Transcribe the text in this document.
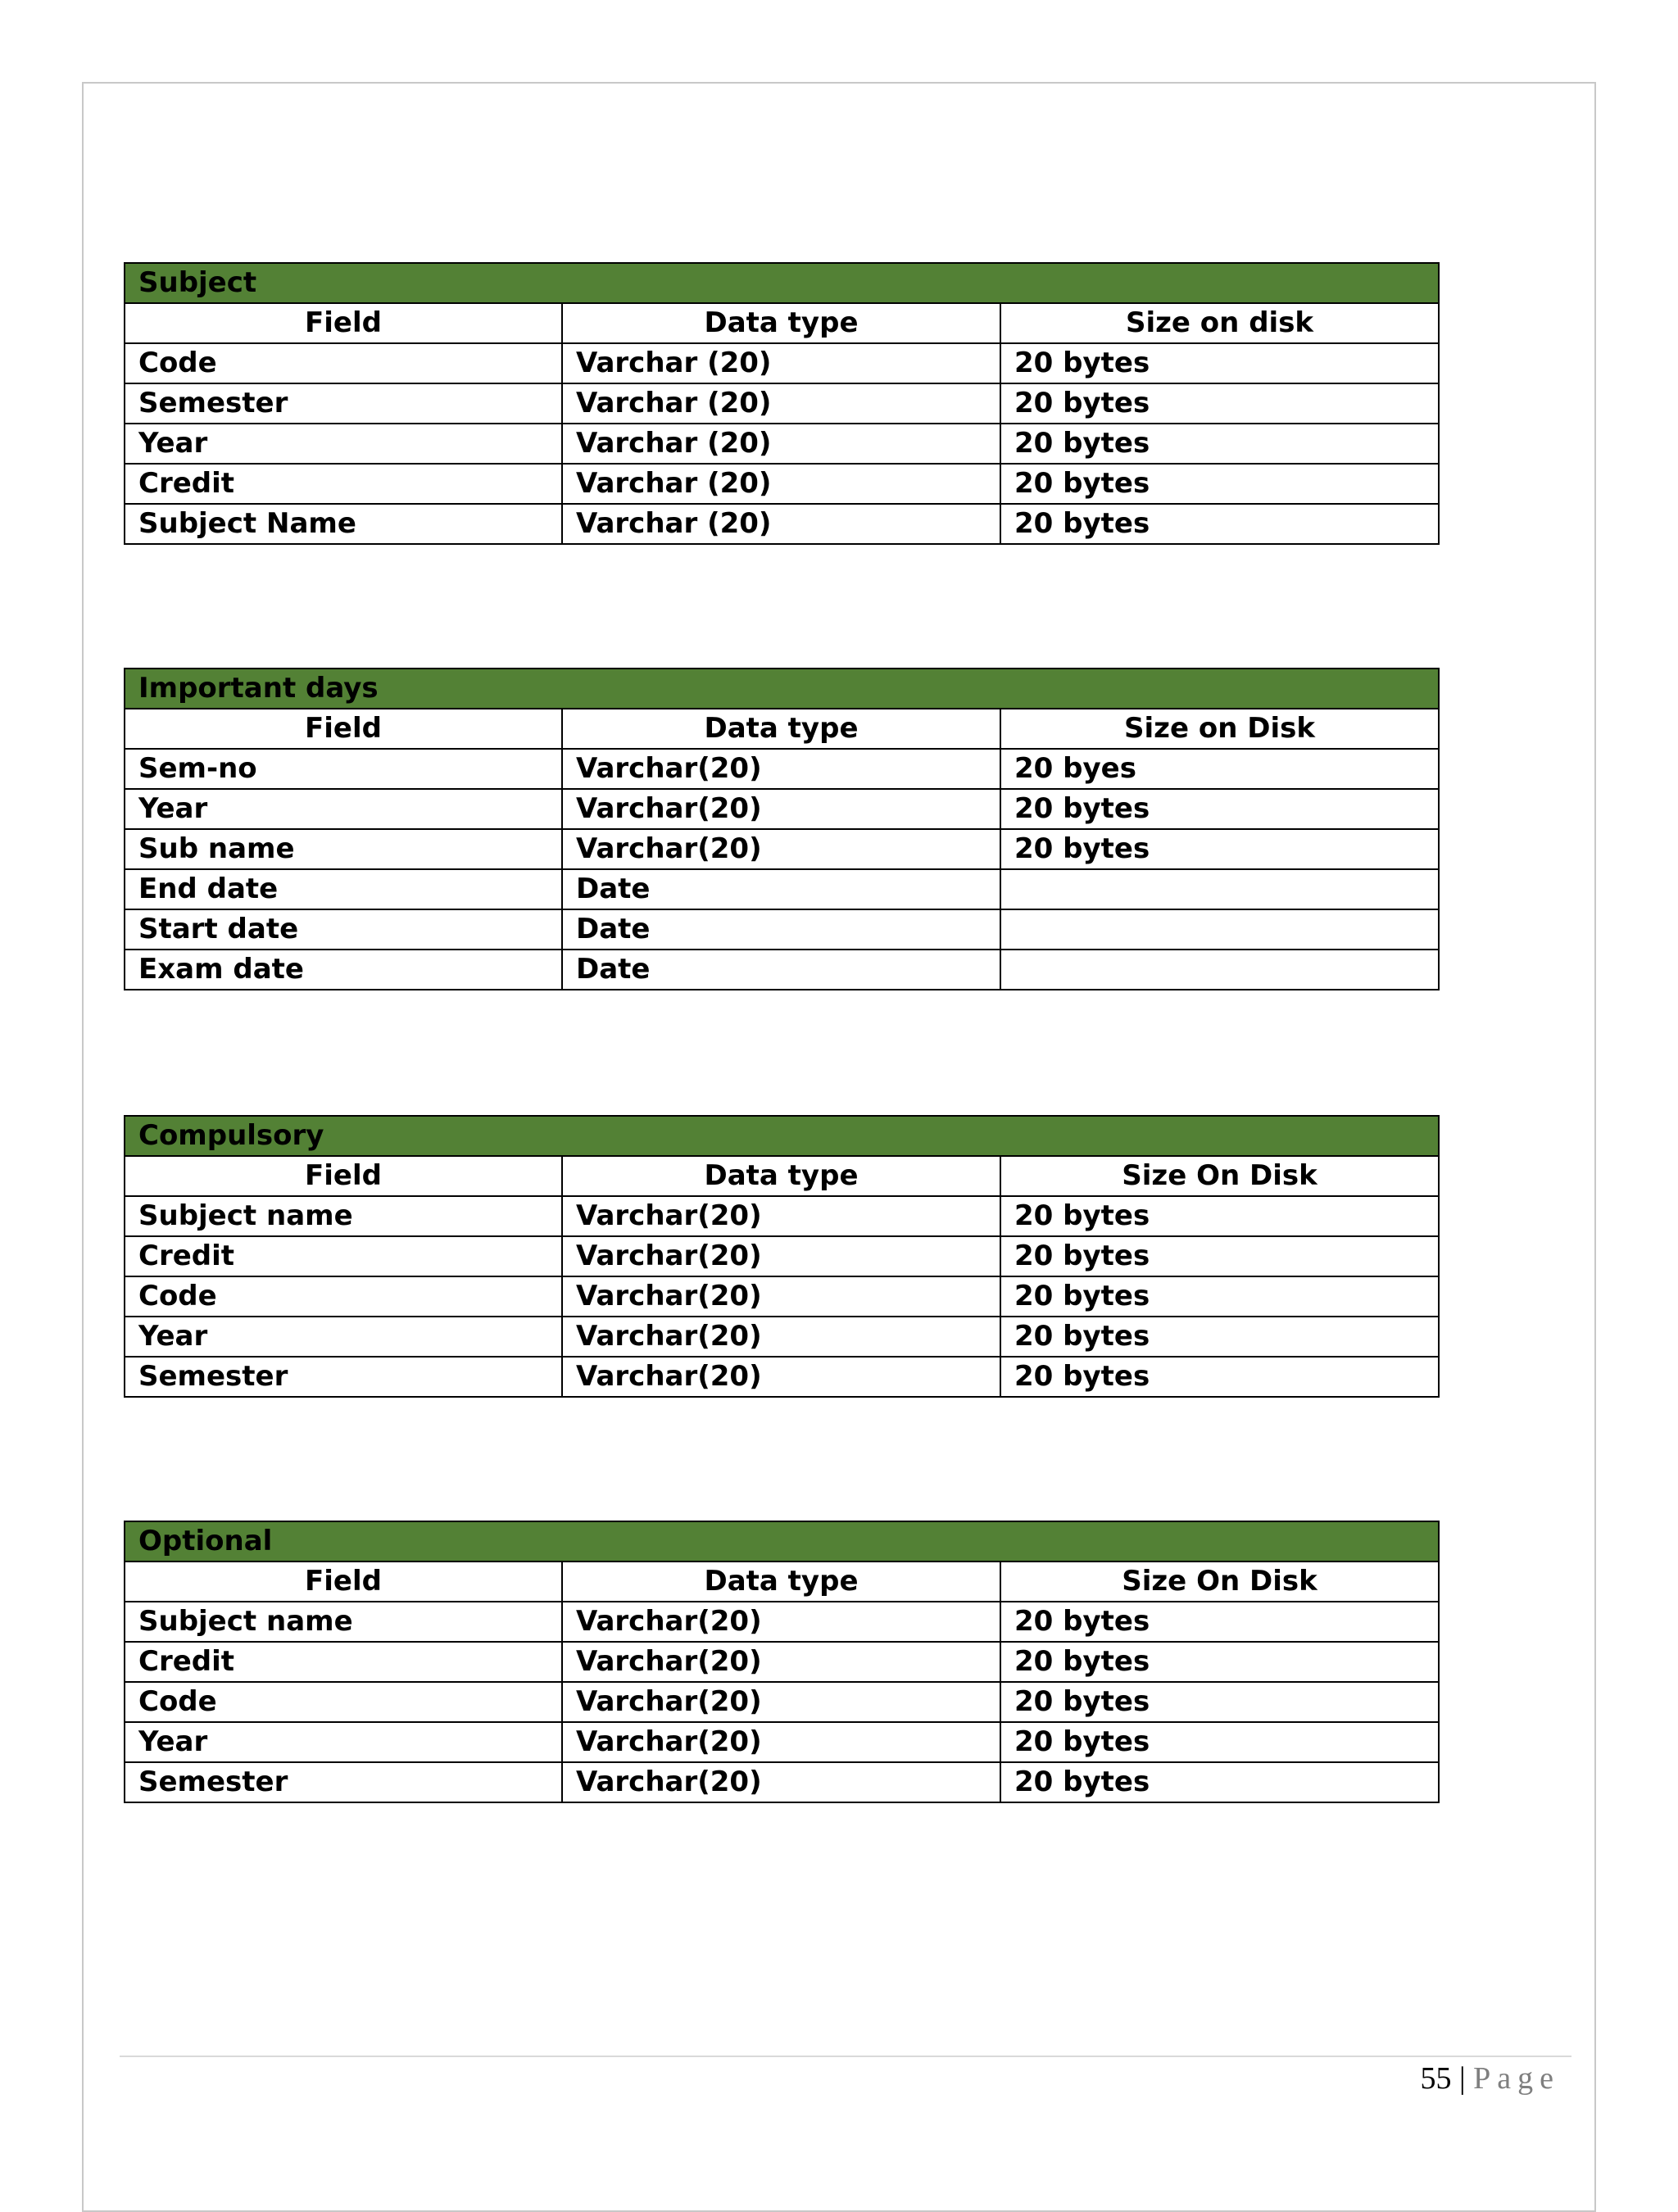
Subject		
Field	Data type	Size on disk
Code	Varchar (20)	20 bytes
Semester	Varchar (20)	20 bytes
Year	Varchar (20)	20 bytes
Credit	Varchar (20)	20 bytes
Subject Name	Varchar (20)	20 bytes
Important days		
Field	Data type	Size on Disk
Sem-no	Varchar(20)	20 byes
Year	Varchar(20)	20 bytes
Sub name	Varchar(20)	20 bytes
End date	Date	
Start date	Date	
Exam date	Date	
Compulsory		
Field	Data type	Size On Disk
Subject name	Varchar(20)	20 bytes
Credit	Varchar(20)	20 bytes
Code	Varchar(20)	20 bytes
Year	Varchar(20)	20 bytes
Semester	Varchar(20)	20 bytes
Optional		
Field	Data type	Size On Disk
Subject name	Varchar(20)	20 bytes
Credit	Varchar(20)	20 bytes
Code	Varchar(20)	20 bytes
Year	Varchar(20)	20 bytes
Semester	Varchar(20)	20 bytes
55 | Page
